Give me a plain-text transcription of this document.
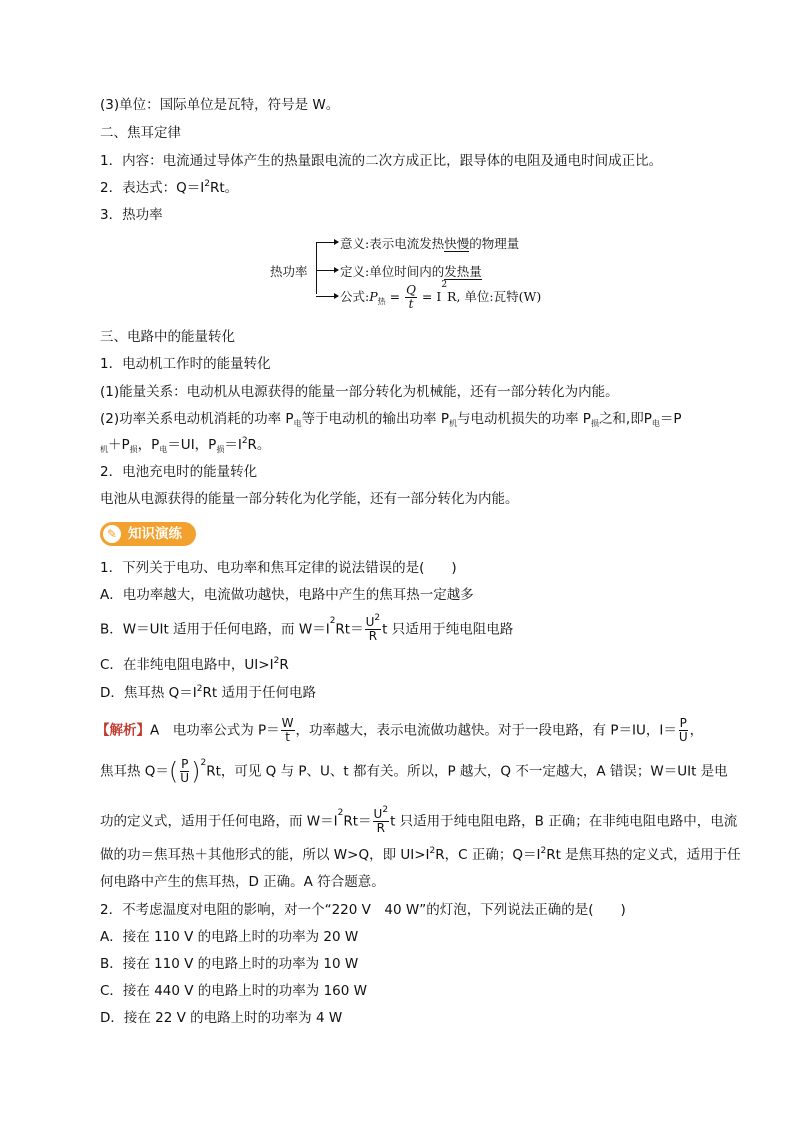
(3)单位：国际单位是瓦特，符号是 W。
二、焦耳定律
1．内容：电流通过导体产生的热量跟电流的二次方成正比，跟导体的电阻及通电时间成正比。
2．表达式：$Q=I^2Rt$。
3．热功率
热功率
意义:表示电流发热快慢的物理量
定义:单位时间内的发热量
公式$:P_热 = \frac{Q}{t} = I^2R$, 单位:瓦特(W)
三、电路中的能量转化
1．电动机工作时的能量转化
(1)能量关系：电动机从电源获得的能量一部分转化为机械能，还有一部分转化为内能。
(2)功率关系电动机消耗的功率 $P_电$等于电动机的输出功率 $P_机$与电动机损失的功率 $P_损$之和,即$P_电=P$
$_机+P_损$，$P_电=UI$，$P_损=I^2R$。
2．电池充电时的能量转化
电池从电源获得的能量一部分转化为化学能，还有一部分转化为内能。
✎ 知识演练
1．下列关于电功、电功率和焦耳定律的说法错误的是(　　)
A．电功率越大，电流做功越快，电路中产生的焦耳热一定越多
B．W＝UIt 适用于任何电路，而 $W=I^2Rt= \frac{U^2}{R}$ t 只适用于纯电阻电路
C．在非纯电阻电路中，$UI>I^2R$
D．焦耳热 $Q=I^2Rt$ 适用于任何电路
【解析】A　电功率公式为 $P= \frac{W}{t}$ ，功率越大，表示电流做功越快。对于一段电路，有 P＝IU，$I= \frac{P}{U}$ ，
焦耳热 $Q=( \frac{P}{U} )^2Rt$，可见 Q 与 P、U、t 都有关。所以，P 越大，Q 不一定越大，A 错误；W＝UIt 是电
功的定义式，适用于任何电路，而 $W=I^2Rt= \frac{U^2}{R}$ t 只适用于纯电阻电路，B 正确；在非纯电阻电路中，电流
做的功＝焦耳热＋其他形式的能，所以 W>Q，即 $UI>I^2R$，C 正确；$Q=I^2Rt$ 是焦耳热的定义式，适用于任
何电路中产生的焦耳热，D 正确。A 符合题意。
2．不考虑温度对电阻的影响，对一个“220 V　40 W”的灯泡，下列说法正确的是(　　)
A．接在 110 V 的电路上时的功率为 20 W
B．接在 110 V 的电路上时的功率为 10 W
C．接在 440 V 的电路上时的功率为 160 W
D．接在 22 V 的电路上时的功率为 4 W
